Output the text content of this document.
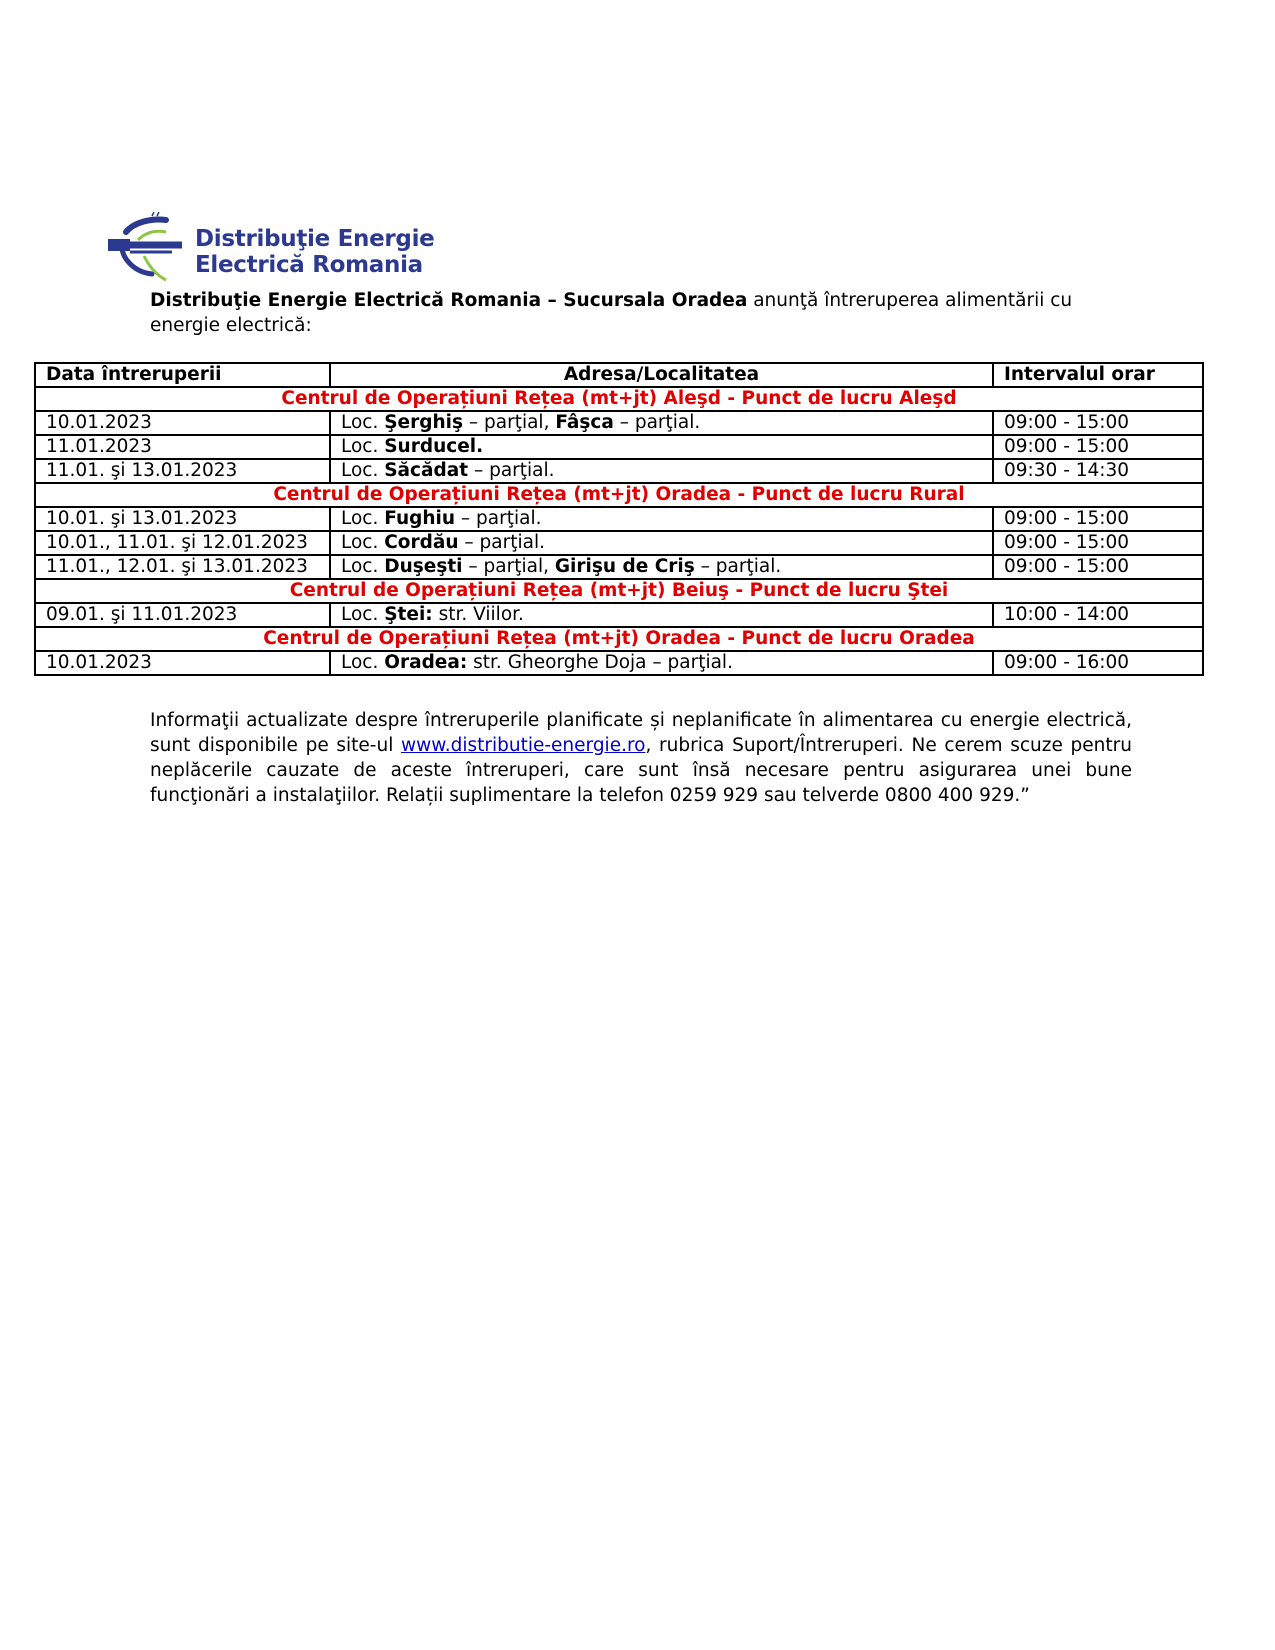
Distribuţie Energie
Electrică Romania
Distribuţie Energie Electrică Romania – Sucursala Oradea anunţă întreruperea alimentării cu energie electrică:
Data întreruperii	Adresa/Localitatea	Intervalul orar
Centrul de Operațiuni Rețea (mt+jt) Aleşd - Punct de lucru Aleşd		
10.01.2023	Loc. Şerghiş – parţial, Fâşca – parţial.	09:00 - 15:00
11.01.2023	Loc. Surducel.	09:00 - 15:00
11.01. şi 13.01.2023	Loc. Săcădat – parţial.	09:30 - 14:30
Centrul de Operațiuni Rețea (mt+jt) Oradea - Punct de lucru Rural		
10.01. şi 13.01.2023	Loc. Fughiu – parţial.	09:00 - 15:00
10.01., 11.01. şi 12.01.2023	Loc. Cordău – parţial.	09:00 - 15:00
11.01., 12.01. şi 13.01.2023	Loc. Duşeşti – parţial, Girişu de Criş – parţial.	09:00 - 15:00
Centrul de Operațiuni Rețea (mt+jt) Beiuş - Punct de lucru Ştei		
09.01. şi 11.01.2023	Loc. Ştei: str. Viilor.	10:00 - 14:00
Centrul de Operațiuni Rețea (mt+jt) Oradea - Punct de lucru Oradea		
10.01.2023	Loc. Oradea: str. Gheorghe Doja – parţial.	09:00 - 16:00
Informaţii actualizate despre întreruperile planificate și neplanificate în alimentarea cu energie electrică, sunt disponibile pe site-ul www.distributie-energie.ro, rubrica Suport/Întreruperi. Ne cerem scuze pentru neplăcerile cauzate de aceste întreruperi, care sunt însă necesare pentru asigurarea unei bune funcţionări a instalaţiilor. Relații suplimentare la telefon 0259 929 sau telverde 0800 400 929.”
